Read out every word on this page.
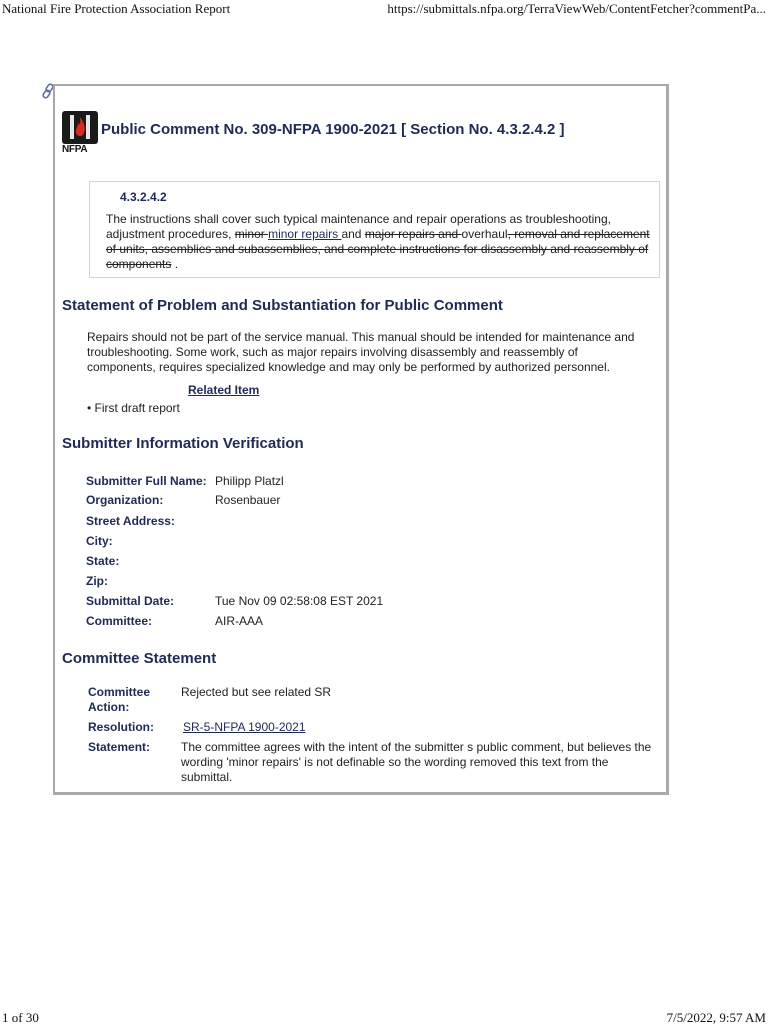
National Fire Protection Association Report	https://submittals.nfpa.org/TerraViewWeb/ContentFetcher?commentPa...
NFPA
Public Comment No. 309-NFPA 1900-2021 [ Section No. 4.3.2.4.2 ]
4.3.2.4.2
The instructions shall cover such typical maintenance and repair operations as troubleshooting, adjustment procedures, minor minor repairs and major repairs and overhaul, removal and replacement of units, assemblies and subassemblies, and complete instructions for disassembly and reassembly of components .
Statement of Problem and Substantiation for Public Comment
Repairs should not be part of the service manual. This manual should be intended for maintenance and troubleshooting. Some work, such as major repairs involving disassembly and reassembly of components, requires specialized knowledge and may only be performed by authorized personnel.
Related Item
• First draft report
Submitter Information Verification
Submitter Full Name: Philipp Platzl
Organization:	Rosenbauer
Street Address:
City:
State:
Zip:
Submittal Date:	Tue Nov 09 02:58:08 EST 2021
Committee:	AIR-AAA
Committee Statement
Committee Action:
Rejected but see related SR
Resolution: SR-5-NFPA 1900-2021
Statement:	The committee agrees with the intent of the submitter s public comment, but believes the wording 'minor repairs' is not definable so the wording removed this text from the submittal.
1 of 30	7/5/2022, 9:57 AM
